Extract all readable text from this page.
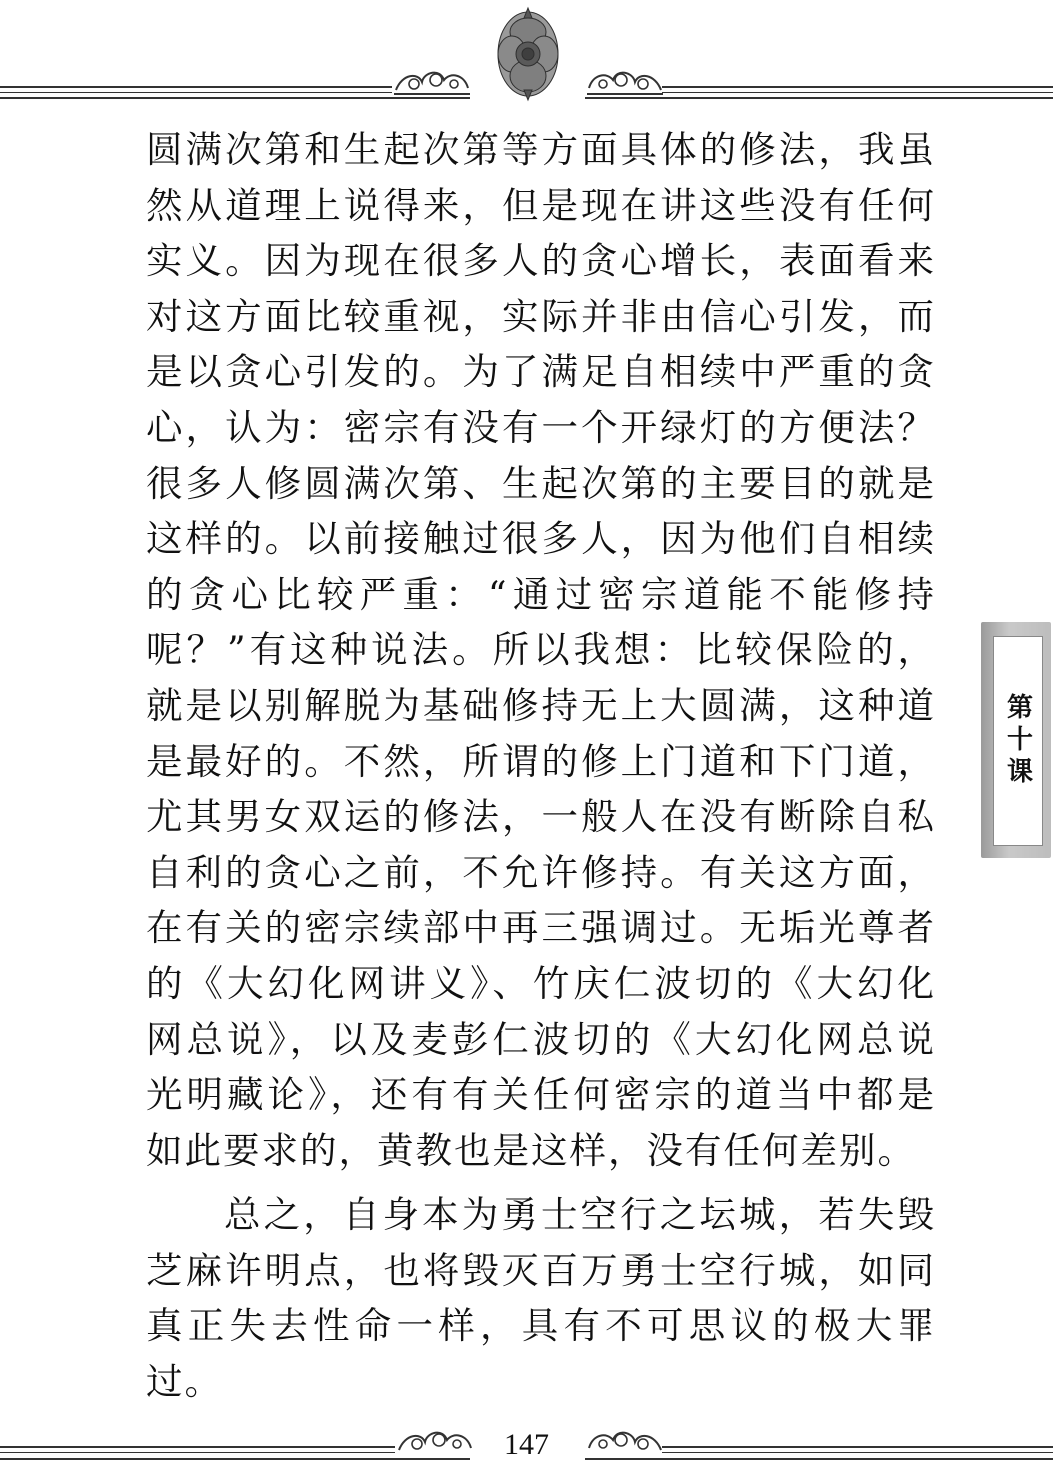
圆满次第和生起次第等方面具体的修法，我虽然从道理上说得来，但是现在讲这些没有任何实义。因为现在很多人的贪心增长，表面看来对这方面比较重视，实际并非由信心引发，而是以贪心引发的。为了满足自相续中严重的贪心，认为：密宗有没有一个开绿灯的方便法？很多人修圆满次第、生起次第的主要目的就是这样的。以前接触过很多人，因为他们自相续的贪心比较严重：“通过密宗道能不能修持呢？”有这种说法。所以我想：比较保险的，就是以别解脱为基础修持无上大圆满，这种道是最好的。不然，所谓的修上门道和下门道，尤其男女双运的修法，一般人在没有断除自私自利的贪心之前，不允许修持。有关这方面，在有关的密宗续部中再三强调过。无垢光尊者的《大幻化网讲义》、竹庆仁波切的《大幻化网总说》，以及麦彭仁波切的《大幻化网总说光明藏论》，还有有关任何密宗的道当中都是如此要求的，黄教也是这样，没有任何差别。

总之，自身本为勇士空行之坛城，若失毁芝麻许明点，也将毁灭百万勇士空行城，如同真正失去性命一样，具有不可思议的极大罪过。

第十课
147
